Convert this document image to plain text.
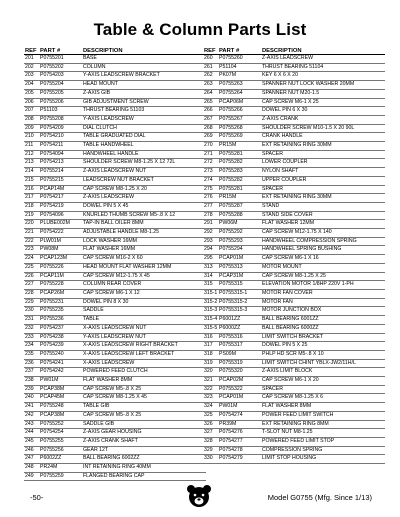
Table & Column Parts List
REF	PART #	DESCRIPTION
201	P0755201	BASE
202	P0755202	COLUMN
203	P0754203	Y-AXIS LEADSCREW BRACKET
204	P0755204	HEAD MOUNT
205	P0755205	Z-AXIS GIB
206	P0755206	GIB ADJUSTMENT SCREW
207	P51103	THRUST BEARING 51103
208	P0755208	Y-AXIS LEADSCREW
209	P0754209	DIAL CLUTCH
210	P0754210	TABLE GRADUATED DIAL
211	P0754211	TABLE HANDWHEEL
212	P0754094	HANDWHEEL HANDLE
213	P0754213	SHOULDER SCREW M8-1.25 X 12 72L
214	P0755214	Z-AXIS LEADSCREW NUT
215	P0755215	LEADSCREW NUT BRACKET
216	PCAP14M	CAP SCREW M8-1.25 X 20
217	P0754217	Z-AXIS LEADSCREW
218	P0754219	DOWEL PIN 5 X 45
219	P0754096	KNURLED THUMB SCREW M5-.8 X 12
220	PLUBE002M	TAP-IN BALL OILER 8MM
221	P0754222	ADJUSTABLE HANDLE M8-1.25
222	PLW01M	LOCK WASHER 16MM
223	PW08M	FLAT WASHER 16MM
224	PCAP123M	CAP SCREW M16-2 X 60
225	P0755226	HEAD MOUNT FLAT WASHER 12MM
226	PCAP11M	CAP SCREW M12-1.75 X 45
227	P0755228	COLUMN REAR COVER
228	PCAP26M	CAP SCREW M6-1 X 12
229	P0755231	DOWEL PIN 8 X 30
230	P0755235	SADDLE
231	P0755236	TABLE
232	P0754237	X-AXIS LEADSCREW NUT
233	P0754238	Y-AXIS LEADSCREW NUT
234	P0754239	X-AXIS LEADSCREW RIGHT BRACKET
235	P0755240	X-AXIS LEADSCREW LEFT BRACKET
236	P0754241	X-AXIS LEADSCREW
237	P0754242	POWERED FEED CLUTCH
238	PW01M	FLAT WASHER 8MM
239	PCAP38M	CAP SCREW M5-.8 X 25
240	PCAP45M	CAP SCREW M8-1.25 X 45
241	P0755248	TABLE GIB
242	PCAP38M	CAP SCREW M5-.8 X 25
243	P0755252	SADDLE GIB
244	P0754254	Z-AXIS GEAR HOUSING
245	P0755255	Z-AXIS CRANK SHAFT
246	P0755256	GEAR 12T
247	P6002ZZ	BALL BEARING 6002ZZ
248	PR24M	INT RETAINING RING 40MM
249	P0755259	FLANGED BEARING CAP
REF	PART #	DESCRIPTION
260	P0755260	Z-AXIS LEADSCREW
261	P51104	THRUST BEARING 51104
262	PK07M	KEY 6 X 6 X 20
263	P0755263	SPANNER NUT LOCK WASHER 20MM
264	P0755264	SPANNER NUT M20-1.5
265	PCAP06M	CAP SCREW M6-1 X 25
266	P0755266	DOWEL PIN 6 X 30
267	P0755267	Z-AXIS CRANK
268	P0755268	SHOULDER SCREW M10-1.5 X 20 90L
269	P0755269	CRANK HANDLE
270	PR15M	EXT RETAINING RING 30MM
271	P0755281	SPACER
272	P0755282	LOWER COUPLER
273	P0755283	NYLON SHAFT
274	P0755282	UPPER COUPLER
275	P0755281	SPACER
276	PR15M	EXT RETAINING RING 30MM
277	P0755287	STAND
278	P0755288	STAND SIDE COVER
291	PW06M	FLAT WASHER 12MM
292	P0755292	CAP SCREW M12-1.75 X 140
293	P0755293	HANDWHEEL COMPRESSION SPRING
294	P0755294	HANDWHEEL SPRING BUSHING
295	PCAP01M	CAP SCREW M6-1 X 16
313	P0755313	MOTOR MOUNT
314	PCAP31M	CAP SCREW M8-1.25 X 25
315	P0755315	ELEVATION MOTOR 1/8HP 220V 1-PH
315-1	P0755315-1	MOTOR FAN COVER
315-2	P0755315-2	MOTOR FAN
315-3	P0755315-3	MOTOR JUNCTION BOX
315-4	P6001ZZ	BALL BEARING 6001ZZ
315-5	P6000ZZ	BALL BEARING 6000ZZ
316	P0755316	LIMIT SWITCH BRACKET
317	P0755317	DOWEL PIN 5 X 25
318	PS09M	PHLP HD SCR M5-.8 X 10
319	P0755319	LIMIT SWITCH CHINT YBLX-JW2/11H/L
320	P0755320	Z-AXIS LIMIT BLOCK
321	PCAP02M	CAP SCREW M6-1 X 20
322	P0755322	SPACER
323	PCAP01M	CAP SCREW M8-1.25 X 6
324	PW01M	FLAT WASHER 8MM
325	P0754274	POWER FEED LIMIT SWITCH
326	PR39M	EXT RETAINING RING 8MM
327	P0754276	T-SLOT NUT M8-1.25
328	P0754277	POWERED FEED LIMIT STOP
329	P0754278	COMPRESSION SPRING
330	P0754279	LIMIT STOP HOUSING
-50-	Model G0755 (Mfg. Since 1/13)
